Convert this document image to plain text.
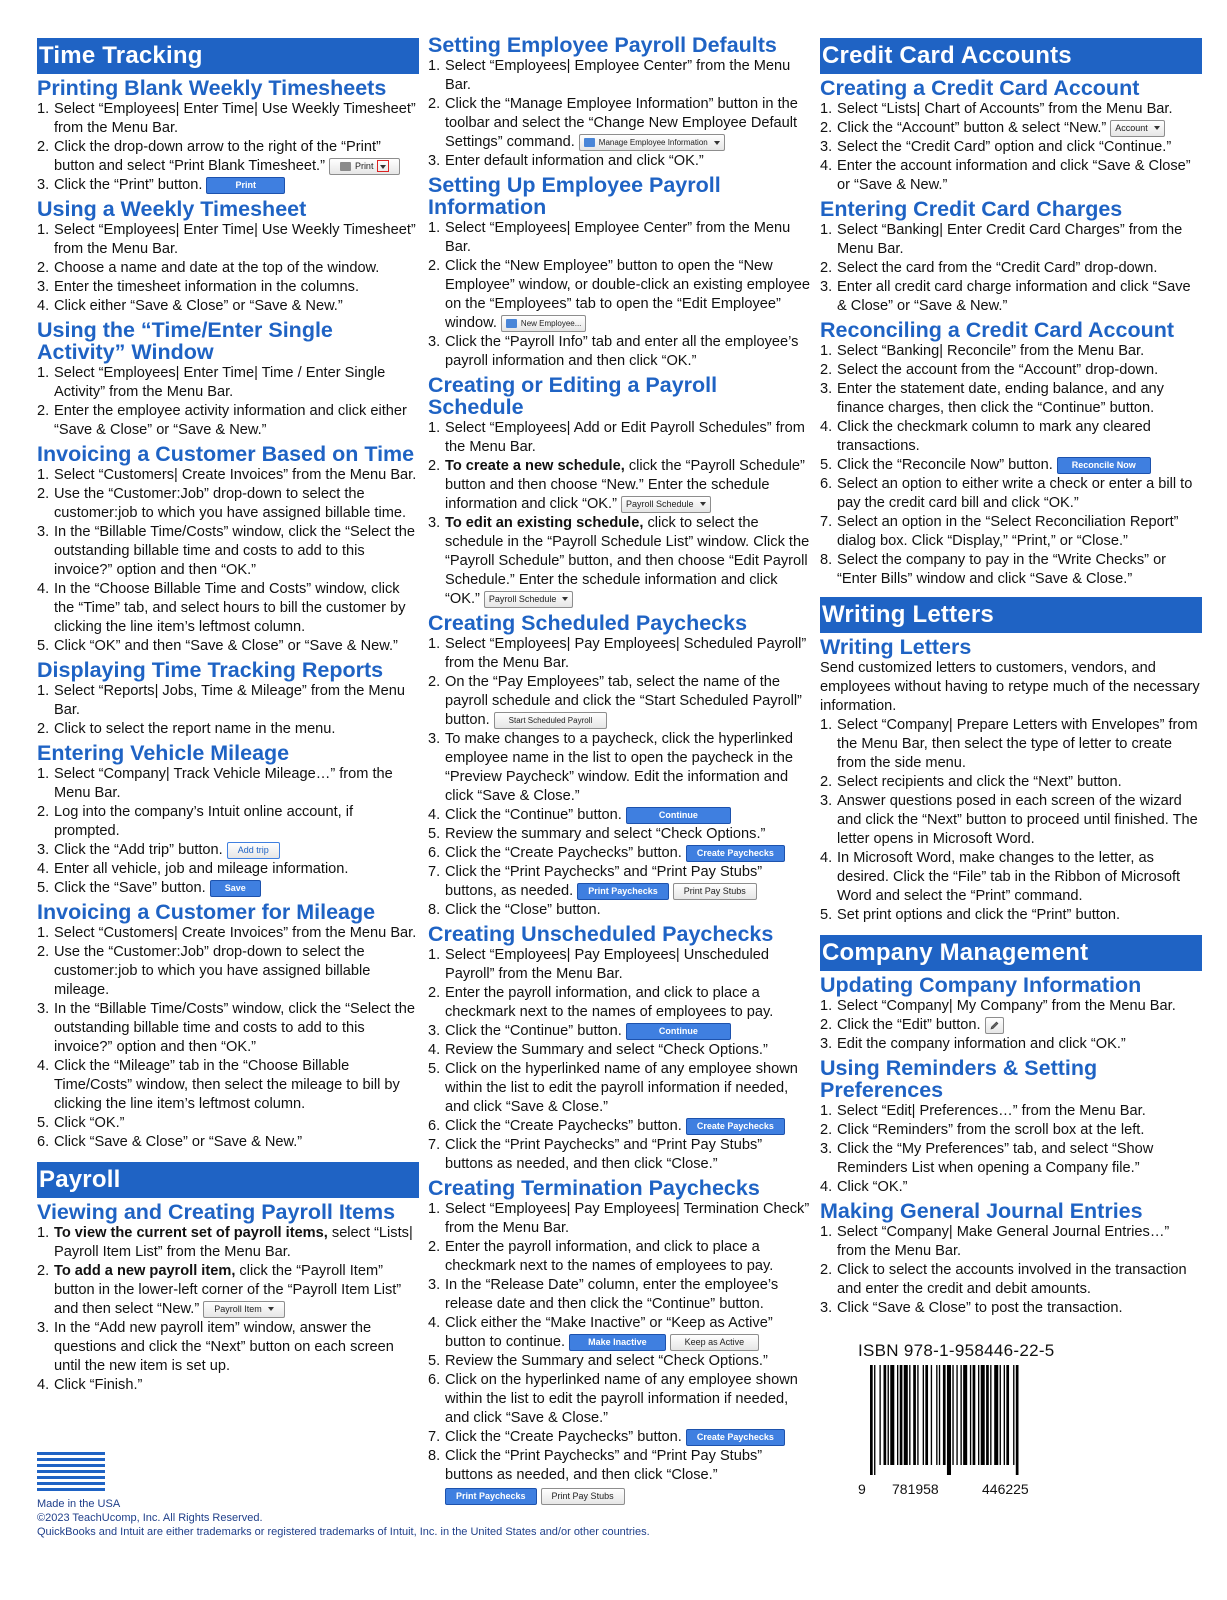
Time Tracking
Printing Blank Weekly Timesheets
1. Select “Employees| Enter Time| Use Weekly Timesheet” from the Menu Bar.
2. Click the drop-down arrow to the right of the “Print” button and select “Print Blank Timesheet.”	Print
3. Click the “Print” button.	Print
Using a Weekly Timesheet
1. Select “Employees| Enter Time| Use Weekly Timesheet” from the Menu Bar.
2. Choose a name and date at the top of the window.
3. Enter the timesheet information in the columns.
4. Click either “Save & Close” or “Save & New.”
Using the “Time/Enter Single Activity” Window
1. Select “Employees| Enter Time| Time / Enter Single Activity” from the Menu Bar.
2. Enter the employee activity information and click either “Save & Close” or “Save & New.”
Invoicing a Customer Based on Time
1. Select “Customers| Create Invoices” from the Menu Bar.
2. Use the “Customer:Job” drop-down to select the customer:job to which you have assigned billable time.
3. In the “Billable Time/Costs” window, click the “Select the outstanding billable time and costs to add to this invoice?” option and then “OK.”
4. In the “Choose Billable Time and Costs” window, click the “Time” tab, and select hours to bill the customer by clicking the line item’s leftmost column.
5. Click “OK” and then “Save & Close” or “Save & New.”
Displaying Time Tracking Reports
1. Select “Reports| Jobs, Time & Mileage” from the Menu Bar.
2. Click to select the report name in the menu.
Entering Vehicle Mileage
1. Select “Company| Track Vehicle Mileage…” from the Menu Bar.
2. Log into the company’s Intuit online account, if prompted.
3. Click the “Add trip” button. Add trip
4. Enter all vehicle, job and mileage information.
5. Click the “Save” button. Save
Invoicing a Customer for Mileage
1. Select “Customers| Create Invoices” from the Menu Bar.
2. Use the “Customer:Job” drop-down to select the customer:job to which you have assigned billable mileage.
3. In the “Billable Time/Costs” window, click the “Select the outstanding billable time and costs to add to this invoice?” option and then “OK.”
4. Click the “Mileage” tab in the “Choose Billable Time/Costs” window, then select the mileage to bill by clicking the line item’s leftmost column.
5. Click “OK.”
6. Click “Save & Close” or “Save & New.”
Payroll
Viewing and Creating Payroll Items
1. To view the current set of payroll items, select “Lists| Payroll Item List” from the Menu Bar.
2. To add a new payroll item, click the “Payroll Item” button in the lower-left corner of the “Payroll Item List” and then select “New.” Payroll Item
3. In the “Add new payroll item” window, answer the questions and click the “Next” button on each screen until the new item is set up.
4. Click “Finish.”
Setting Employee Payroll Defaults
1. Select “Employees| Employee Center” from the Menu Bar.
2. Click the “Manage Employee Information” button in the toolbar and select the “Change New Employee Default Settings” command.	Manage Employee Information
3. Enter default information and click “OK.”
Setting Up Employee Payroll Information
1. Select “Employees| Employee Center” from the Menu Bar.
2. Click the “New Employee” button to open the “New Employee” window, or double-click an existing employee on the “Employees” tab to open the “Edit Employee” window.	New Employee...
3. Click the “Payroll Info” tab and enter all the employee’s payroll information and then click “OK.”
Creating or Editing a Payroll Schedule
1. Select “Employees| Add or Edit Payroll Schedules” from the Menu Bar.
2. To create a new schedule, click the “Payroll Schedule” button and then choose “New.” Enter the schedule information and click “OK.” Payroll Schedule
3. To edit an existing schedule, click to select the schedule in the “Payroll Schedule List” window. Click the “Payroll Schedule” button, and then choose “Edit Payroll Schedule.” Enter the schedule information and click “OK.” Payroll Schedule
Creating Scheduled Paychecks
1. Select “Employees| Pay Employees| Scheduled Payroll” from the Menu Bar.
2. On the “Pay Employees” tab, select the name of the payroll schedule and click the “Start Scheduled Payroll” button. Start Scheduled Payroll
3. To make changes to a paycheck, click the hyperlinked employee name in the list to open the paycheck in the “Preview Paycheck” window. Edit the information and click “Save & Close.”
4. Click the “Continue” button.	Continue
5. Review the summary and select “Check Options.”
6. Click the “Create Paychecks” button. Create Paychecks
7. Click the “Print Paychecks” and “Print Pay Stubs” buttons, as needed. Print Paychecks	Print Pay Stubs
8. Click the “Close” button.
Creating Unscheduled Paychecks
1. Select “Employees| Pay Employees| Unscheduled Payroll” from the Menu Bar.
2. Enter the payroll information, and click to place a checkmark next to the names of employees to pay.
3. Click the “Continue” button.	Continue
4. Review the Summary and select “Check Options.”
5. Click on the hyperlinked name of any employee shown within the list to edit the payroll information if needed, and click “Save & Close.”
6. Click the “Create Paychecks” button. Create Paychecks
7. Click the “Print Paychecks” and “Print Pay Stubs” buttons as needed, and then click “Close.”
Creating Termination Paychecks
1. Select “Employees| Pay Employees| Termination Check” from the Menu Bar.
2. Enter the payroll information, and click to place a checkmark next to the names of employees to pay.
3. In the “Release Date” column, enter the employee’s release date and then click the “Continue” button.
4. Click either the “Make Inactive” or “Keep as Active” button to continue.	Make Inactive	Keep as Active
5. Review the Summary and select “Check Options.”
6. Click on the hyperlinked name of any employee shown within the list to edit the payroll information if needed, and click “Save & Close.”
7. Click the “Create Paychecks” button. Create Paychecks
8. Click the “Print Paychecks” and “Print Pay Stubs” buttons as needed, and then click “Close.”
Print Paychecks	Print Pay Stubs
Credit Card Accounts
Creating a Credit Card Account
1. Select “Lists| Chart of Accounts” from the Menu Bar.
2. Click the “Account” button & select “New.” Account
3. Select the “Credit Card” option and click “Continue.”
4. Enter the account information and click “Save & Close” or “Save & New.”
Entering Credit Card Charges
1. Select “Banking| Enter Credit Card Charges” from the Menu Bar.
2. Select the card from the “Credit Card” drop-down.
3. Enter all credit card charge information and click “Save & Close” or “Save & New.”
Reconciling a Credit Card Account
1. Select “Banking| Reconcile” from the Menu Bar.
2. Select the account from the “Account” drop-down.
3. Enter the statement date, ending balance, and any finance charges, then click the “Continue” button.
4. Click the checkmark column to mark any cleared transactions.
5. Click the “Reconcile Now” button. Reconcile Now
6. Select an option to either write a check or enter a bill to pay the credit card bill and click “OK.”
7. Select an option in the “Select Reconciliation Report” dialog box. Click “Display,” “Print,” or “Close.”
8. Select the company to pay in the “Write Checks” or “Enter Bills” window and click “Save & Close.”
Writing Letters
Writing Letters
Send customized letters to customers, vendors, and employees without having to retype much of the necessary information.
1. Select “Company| Prepare Letters with Envelopes” from the Menu Bar, then select the type of letter to create from the side menu.
2. Select recipients and click the “Next” button.
3. Answer questions posed in each screen of the wizard and click the “Next” button to proceed until finished. The letter opens in Microsoft Word.
4. In Microsoft Word, make changes to the letter, as desired. Click the “File” tab in the Ribbon of Microsoft Word and select the “Print” command.
5. Set print options and click the “Print” button.
Company Management
Updating Company Information
1. Select “Company| My Company” from the Menu Bar.
2. Click the “Edit” button.
3. Edit the company information and click “OK.”
Using Reminders & Setting Preferences
1. Select “Edit| Preferences…” from the Menu Bar.
2. Click “Reminders” from the scroll box at the left.
3. Click the “My Preferences” tab, and select “Show Reminders List when opening a Company file.”
4. Click “OK.”
Making General Journal Entries
1. Select “Company| Make General Journal Entries…” from the Menu Bar.
2. Click to select the accounts involved in the transaction and enter the credit and debit amounts.
3. Click “Save & Close” to post the transaction.
ISBN 978-1-958446-22-5
9 781958	446225
Made in the USA
©2023 TeachUcomp, Inc. All Rights Reserved.
QuickBooks and Intuit are either trademarks or registered trademarks of Intuit, Inc. in the United States and/or other countries.
